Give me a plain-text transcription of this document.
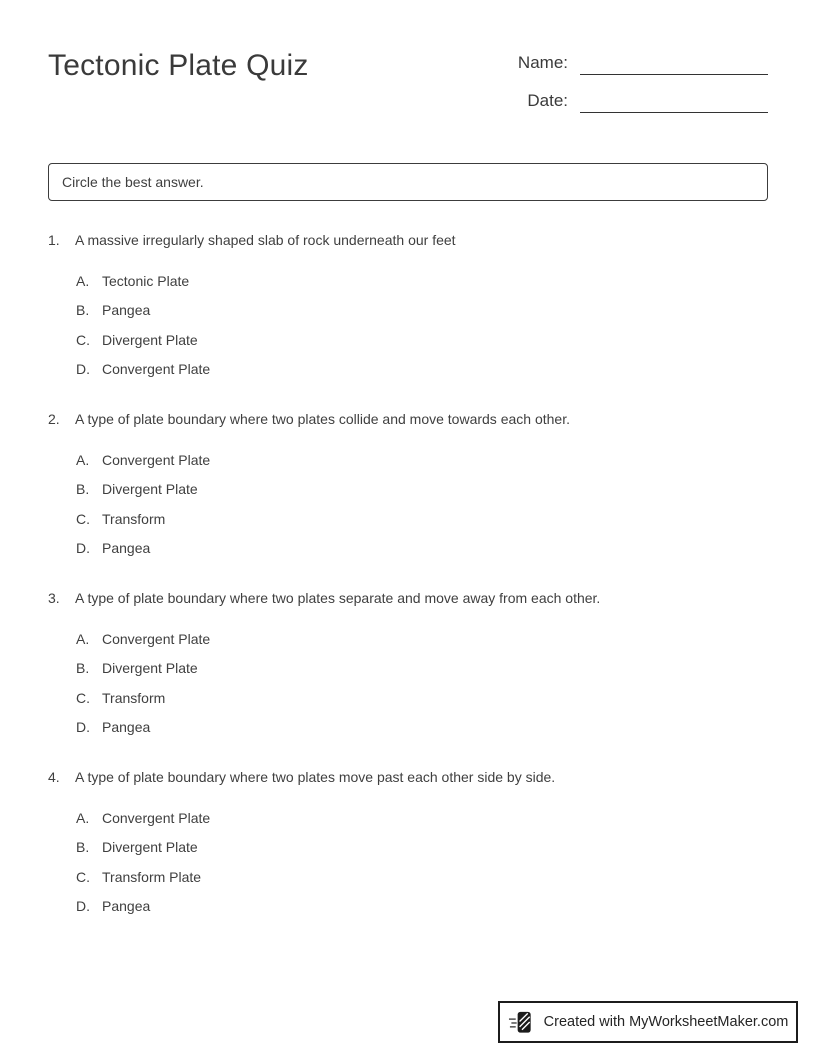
Tectonic Plate Quiz	Name:
Date:
Circle the best answer.
1.	A massive irregularly shaped slab of rock underneath our feet
A. Tectonic Plate
B. Pangea
C. Divergent Plate
D. Convergent Plate
2.	A type of plate boundary where two plates collide and move towards each other.
A. Convergent Plate
B. Divergent Plate
C. Transform
D. Pangea
3.	A type of plate boundary where two plates separate and move away from each other.
A. Convergent Plate
B. Divergent Plate
C. Transform
D. Pangea
4.	A type of plate boundary where two plates move past each other side by side.
A. Convergent Plate
B. Divergent Plate
C. Transform Plate
D. Pangea
Created with MyWorksheetMaker.com
